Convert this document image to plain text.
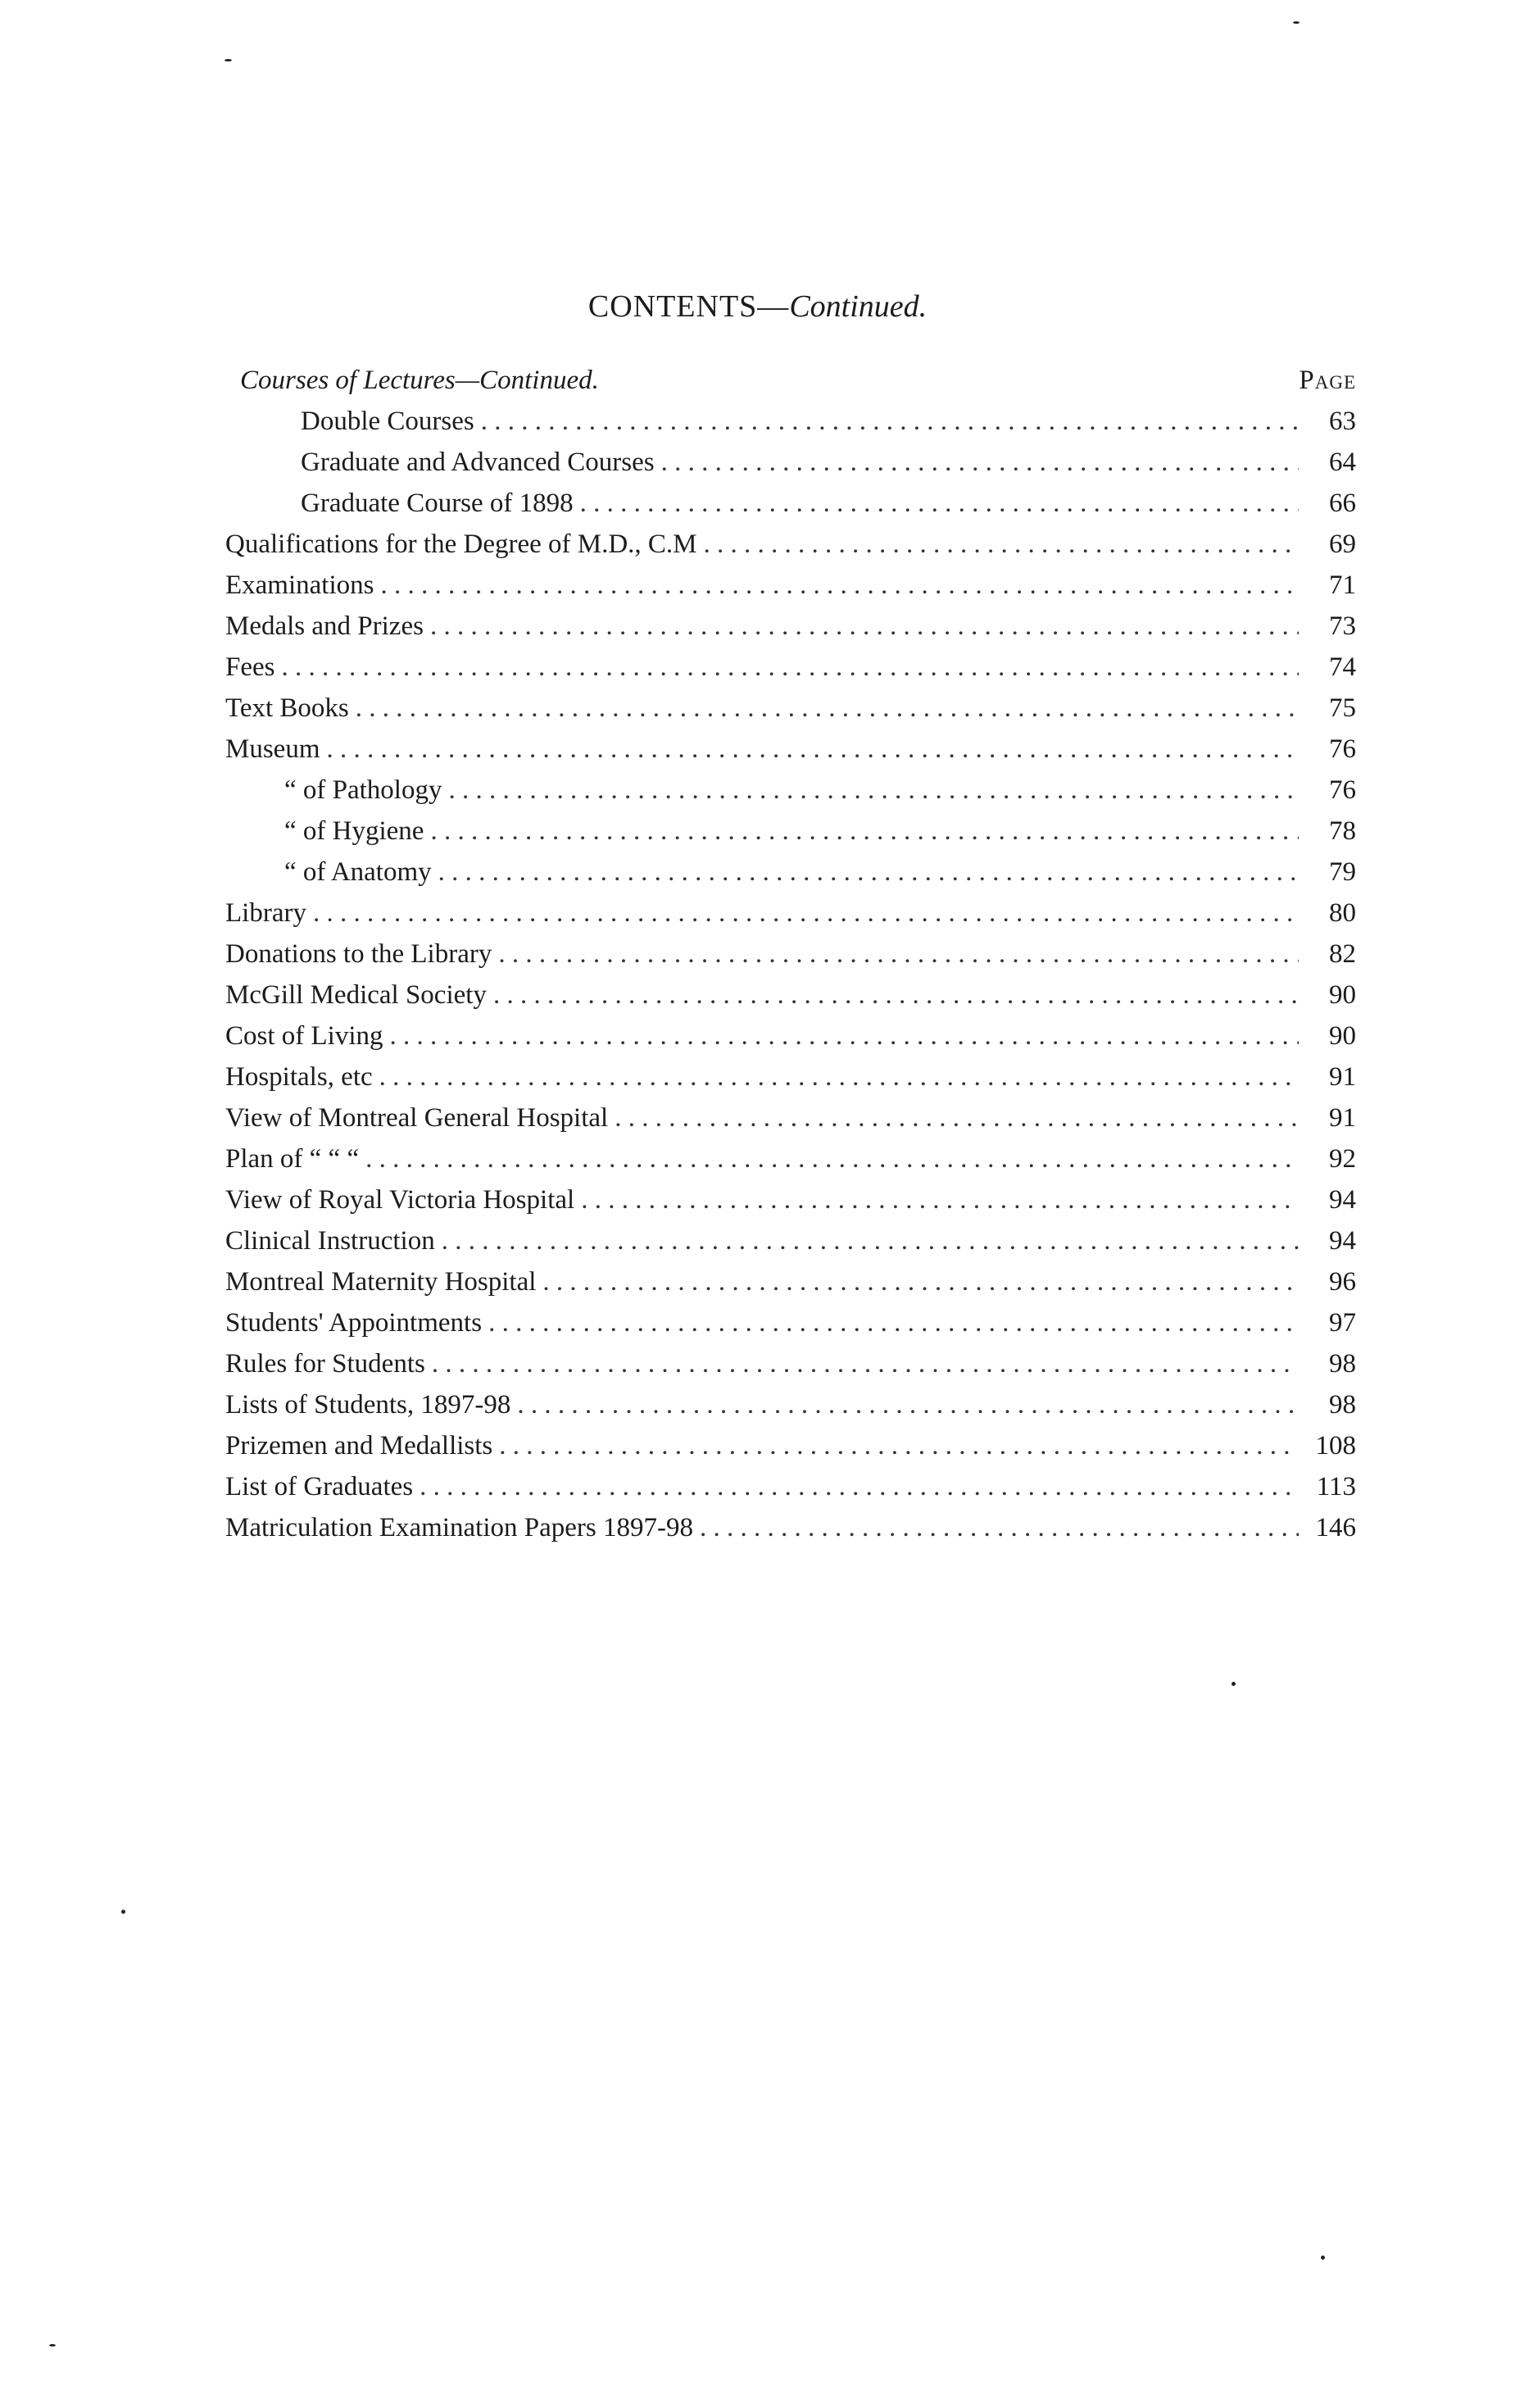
CONTENTS—Continued.
Courses of Lectures—Continued.	Page
Double Courses . . .	63
Graduate and Advanced Courses . . .	64
Graduate Course of 1898 . . .	66
Qualifications for the Degree of M.D., C.M . . .	69
Examinations . . .	71
Medals and Prizes . . .	73
Fees . . .	74
Text Books . . .	75
Museum . . .	76
“ of Pathology . . .	76
“ of Hygiene . . .	78
“ of Anatomy . . .	79
Library . . .	80
Donations to the Library . . .	82
McGill Medical Society . . .	90
Cost of Living . . .	90
Hospitals, etc . . .	91
View of Montreal General Hospital . . .	91
Plan of “ “ “ . . .	92
View of Royal Victoria Hospital . . .	94
Clinical Instruction . . .	94
Montreal Maternity Hospital . . .	96
Students' Appointments . . .	97
Rules for Students . . .	98
Lists of Students, 1897-98 . . .	98
Prizemen and Medallists . . .	108
List of Graduates . . .	113
Matriculation Examination Papers 1897-98 . . .	146
